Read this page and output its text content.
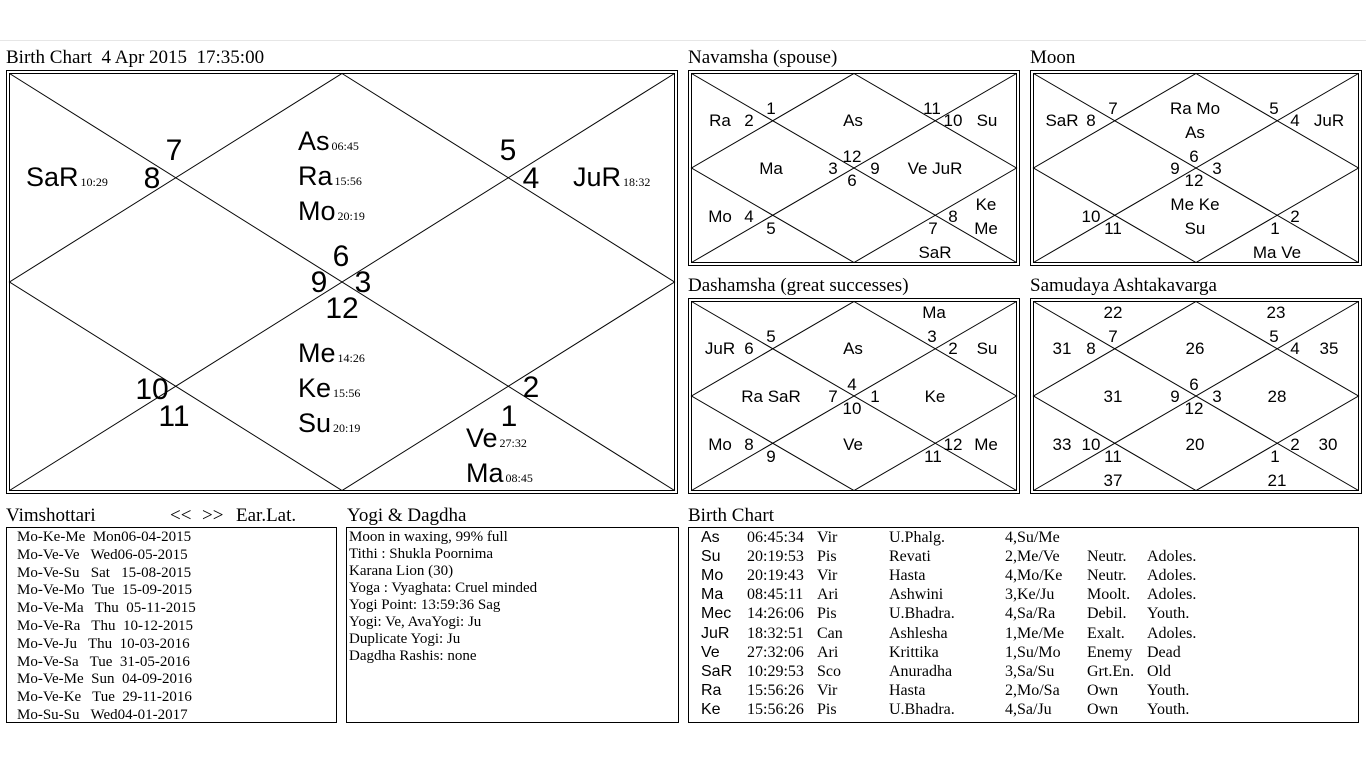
Birth Chart  4 Apr 2015  17:35:00
6
5
4
3
2
1
12
11
10
9
8
7	As 06:45
Ra 15:56
Mo 20:19
Me 14:26
Ke 15:56
Su 20:19
JuR 18:32
Ve 27:32
Ma 08:45
SaR 10:29
Navamsha (spouse)
12
11
10
9
8
7
6
5
4
3
2
1
As	Su
Ve JuR
Ke Me
SaR
Mo
Ma
Ra
Moon
6
5
4
3
2
1
12
11
10
9
8
7	Ra Mo As
JuR
Ma Ve
Me Ke Su
SaR
Dashamsha (great successes)
4
3
2
1
12
11
10
9
8
7
6
5
As
Ma
Su
Ke
Me
Ve
Mo
Ra SaR
JuR
Samudaya Ashtakavarga
6
5
4
3
2
1
12
11
10
9
8
7
26
23
35
28
30
21
20
37
33
31
31
22
Vimshottari	<< >> Ear.Lat.
Mo-Ke-Me  Mon06-04-2015
Mo-Ve-Ve   Wed06-05-2015
Mo-Ve-Su   Sat   15-08-2015
Mo-Ve-Mo  Tue  15-09-2015
Mo-Ve-Ma   Thu  05-11-2015
Mo-Ve-Ra   Thu  10-12-2015
Mo-Ve-Ju   Thu  10-03-2016
Mo-Ve-Sa   Tue  31-05-2016
Mo-Ve-Me  Sun  04-09-2016
Mo-Ve-Ke   Tue  29-11-2016
Mo-Su-Su   Wed04-01-2017
Yogi & Dagdha
Moon in waxing, 99% full
Tithi : Shukla Poornima
Karana Lion (30)
Yoga : Vyaghata: Cruel minded
Yogi Point: 13:59:36 Sag
Yogi: Ve, AvaYogi: Ju
Duplicate Yogi: Ju
Dagdha Rashis: none
Birth Chart
As 06:45:34 Vir	U.Phalg.	4,Su/Me
Su 20:19:53 Pis	Revati	2,Me/Ve Neutr. Adoles.
Mo 20:19:43 Vir	Hasta	4,Mo/Ke Neutr. Adoles.
Ma 08:45:11 Ari	Ashwini	3,Ke/Ju Moolt. Adoles.
Mec 14:26:06 Pis	U.Bhadra.	4,Sa/Ra Debil. Youth.
JuR 18:32:51 Can	Ashlesha	1,Me/Me Exalt. Adoles.
Ve 27:32:06 Ari	Krittika	1,Su/Mo Enemy Dead
SaR 10:29:53 Sco	Anuradha	3,Sa/Su Grt.En. Old
Ra 15:56:26 Vir	Hasta	2,Mo/Sa Own Youth.
Ke 15:56:26 Pis	U.Bhadra.	4,Sa/Ju Own Youth.
